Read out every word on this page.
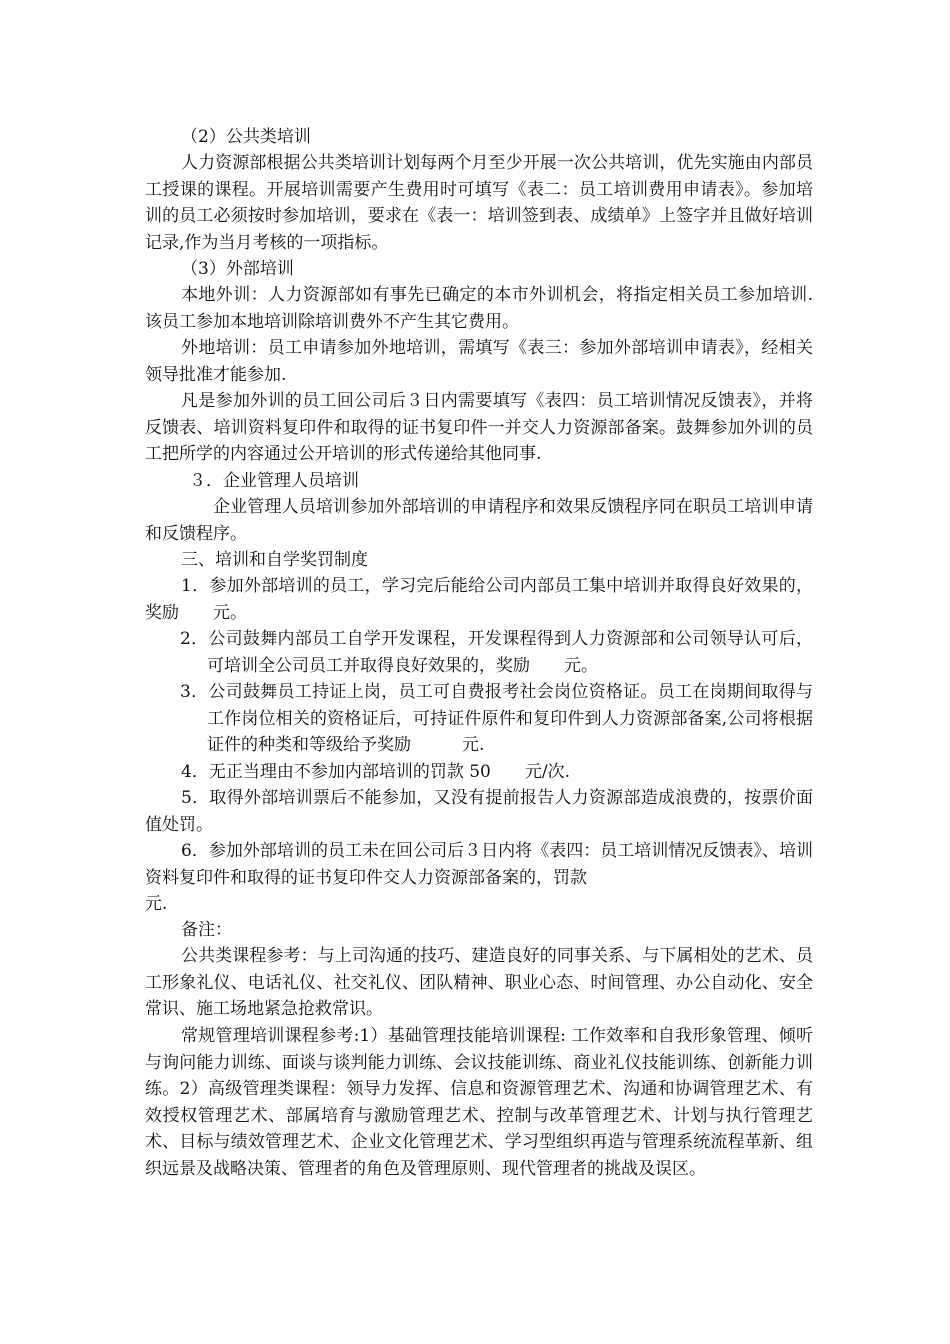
（2）公共类培训

人力资源部根据公共类培训计划每两个月至少开展一次公共培训，优先实施由内部员工授课的课程。开展培训需要产生费用时可填写《表二：员工培训费用申请表》。参加培训的员工必须按时参加培训，要求在《表一：培训签到表、成绩单》上签字并且做好培训记录,作为当月考核的一项指标。

（3）外部培训

本地外训：人力资源部如有事先已确定的本市外训机会，将指定相关员工参加培训.该员工参加本地培训除培训费外不产生其它费用。

外地培训：员工申请参加外地培训，需填写《表三：参加外部培训申请表》，经相关领导批准才能参加.

凡是参加外训的员工回公司后３日内需要填写《表四：员工培训情况反馈表》，并将反馈表、培训资料复印件和取得的证书复印件一并交人力资源部备案。鼓舞参加外训的员工把所学的内容通过公开培训的形式传递给其他同事.

３．企业管理人员培训

企业管理人员培训参加外部培训的申请程序和效果反馈程序同在职员工培训申请和反馈程序。

三、培训和自学奖罚制度

1．参加外部培训的员工，学习完后能给公司内部员工集中培训并取得良好效果的，奖励　　元。

2．公司鼓舞内部员工自学开发课程，开发课程得到人力资源部和公司领导认可后，可培训全公司员工并取得良好效果的，奖励　　元。
3．公司鼓舞员工持证上岗，员工可自费报考社会岗位资格证。员工在岗期间取得与工作岗位相关的资格证后，可持证件原件和复印件到人力资源部备案,公司将根据证件的种类和等级给予奖励　　　元.

4．无正当理由不参加内部培训的罚款 50　　元/次.

5．取得外部培训票后不能参加，又没有提前报告人力资源部造成浪费的，按票价面值处罚。

6．参加外部培训的员工未在回公司后３日内将《表四：员工培训情况反馈表》、培训资料复印件和取得的证书复印件交人力资源部备案的，罚款

元.

备注：

公共类课程参考：与上司沟通的技巧、建造良好的同事关系、与下属相处的艺术、员工形象礼仪、电话礼仪、社交礼仪、团队精神、职业心态、时间管理、办公自动化、安全常识、施工场地紧急抢救常识。

常规管理培训课程参考:1）基础管理技能培训课程: 工作效率和自我形象管理、倾听与询问能力训练、面谈与谈判能力训练、会议技能训练、商业礼仪技能训练、创新能力训练。2）高级管理类课程：领导力发挥、信息和资源管理艺术、沟通和协调管理艺术、有效授权管理艺术、部属培育与激励管理艺术、控制与改革管理艺术、计划与执行管理艺术、目标与绩效管理艺术、企业文化管理艺术、学习型组织再造与管理系统流程革新、组织远景及战略决策、管理者的角色及管理原则、现代管理者的挑战及误区。
